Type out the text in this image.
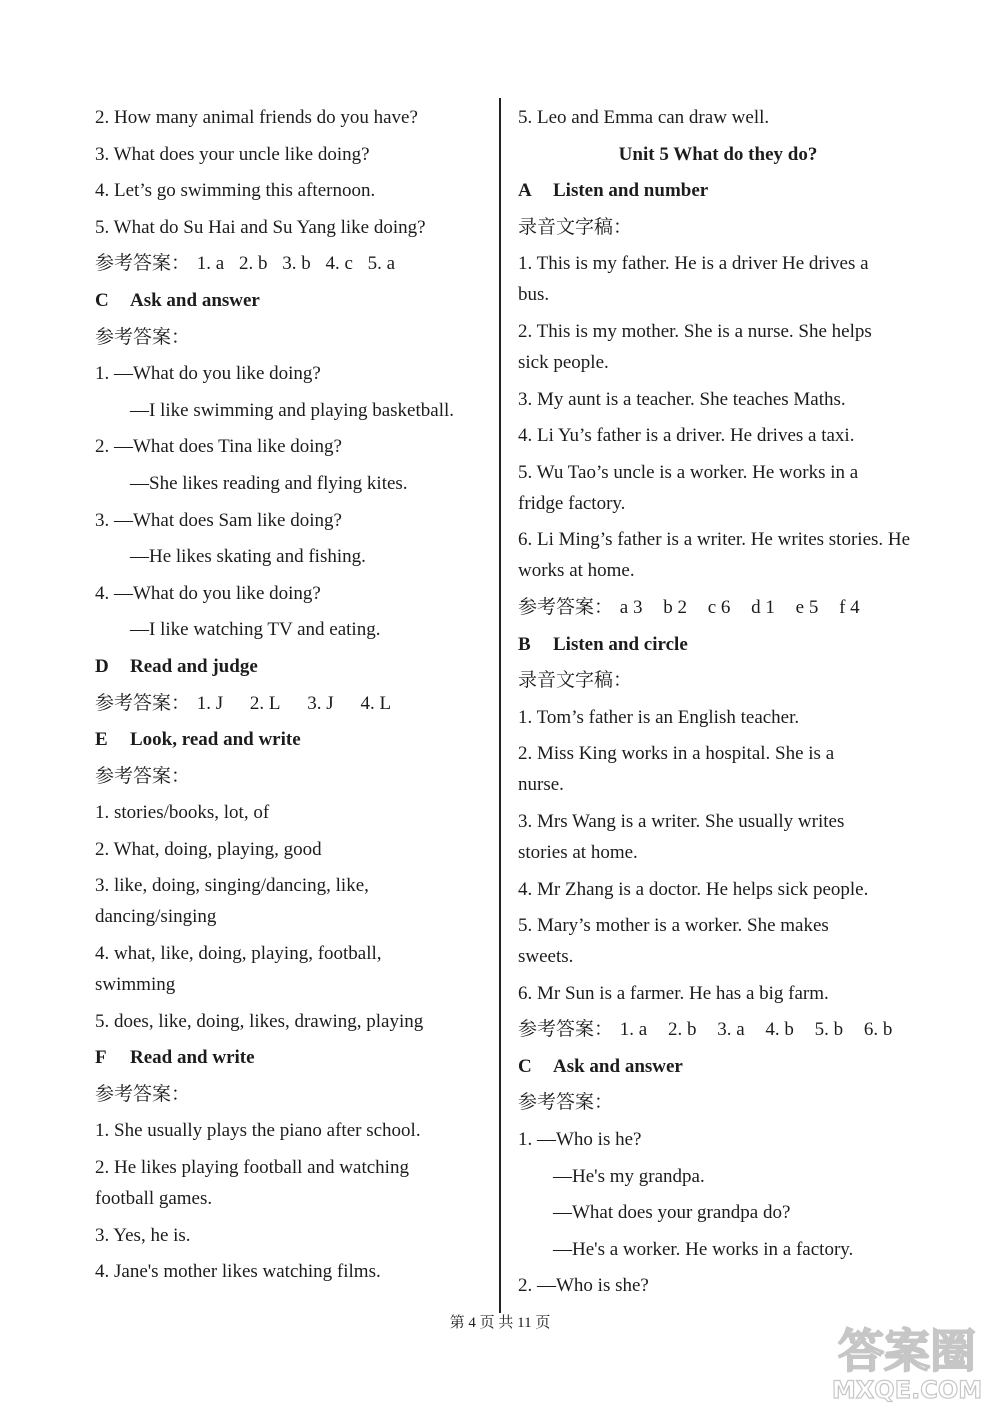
2. How many animal friends do you have?
3. What does your uncle like doing?
4. Let’s go swimming this afternoon.
5. What do Su Hai and Su Yang like doing?
参考答案： 1. a 2. b 3. b 4. c 5. a
C Ask and answer
参考答案：
1. —What do you like doing?
—I like swimming and playing basketball.
2. —What does Tina like doing?
—She likes reading and flying kites.
3. —What does Sam like doing?
—He likes skating and fishing.
4. —What do you like doing?
—I like watching TV and eating.
D Read and judge
参考答案： 1. J 2. L 3. J 4. L
E Look, read and write
参考答案：
1. stories/books, lot, of
2. What, doing, playing, good
3. like, doing, singing/dancing, like, dancing/singing
4. what, like, doing, playing, football, swimming
5. does, like, doing, likes, drawing, playing
F Read and write
参考答案：
1. She usually plays the piano after school.
2. He likes playing football and watching football games.
3. Yes, he is.
4. Jane's mother likes watching films.
5. Leo and Emma can draw well.
Unit 5 What do they do?
A Listen and number
录音文字稿：
1. This is my father. He is a driver He drives a bus.
2. This is my mother. She is a nurse. She helps sick people.
3. My aunt is a teacher. She teaches Maths.
4. Li Yu’s father is a driver. He drives a taxi.
5. Wu Tao’s uncle is a worker. He works in a fridge factory.
6. Li Ming’s father is a writer. He writes stories. He works at home.
参考答案： a 3 b 2 c 6 d 1 e 5 f 4
B Listen and circle
录音文字稿：
1. Tom’s father is an English teacher.
2. Miss King works in a hospital. She is a nurse.
3. Mrs Wang is a writer. She usually writes stories at home.
4. Mr Zhang is a doctor. He helps sick people.
5. Mary’s mother is a worker. She makes sweets.
6. Mr Sun is a farmer. He has a big farm.
参考答案： 1. a 2. b 3. a 4. b 5. b 6. b
C Ask and answer
参考答案：
1. —Who is he?
—He's my grandpa.
—What does your grandpa do?
—He's a worker. He works in a factory.
2. —Who is she?
第 4 页 共 11 页
答案圈
MXQE.COM
